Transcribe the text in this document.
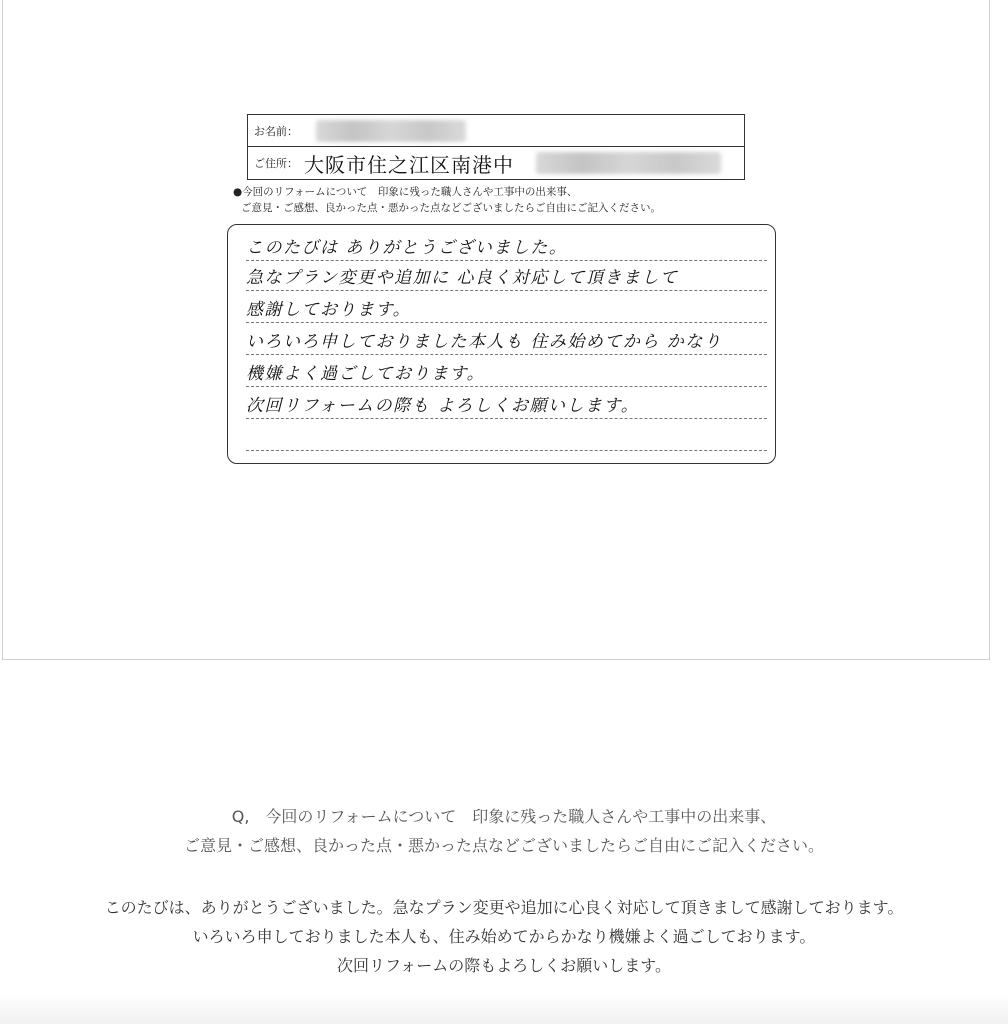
お名前：
ご住所： 大阪市住之江区南港中
●今回のリフォームについて　印象に残った職人さんや工事中の出来事、
ご意見・ご感想、良かった点・悪かった点などございましたらご自由にご記入ください。
このたびは ありがとうございました。
急なプラン変更や追加に 心良く対応して頂きまして
感謝しております。
いろいろ申しておりました本人も 住み始めてから かなり
機嫌よく過ごしております。
次回リフォームの際も よろしくお願いします。
Q,　今回のリフォームについて　印象に残った職人さんや工事中の出来事、
ご意見・ご感想、良かった点・悪かった点などございましたらご自由にご記入ください。
このたびは、ありがとうございました。急なプラン変更や追加に心良く対応して頂きまして感謝しております。
いろいろ申しておりました本人も、住み始めてからかなり機嫌よく過ごしております。
次回リフォームの際もよろしくお願いします。
